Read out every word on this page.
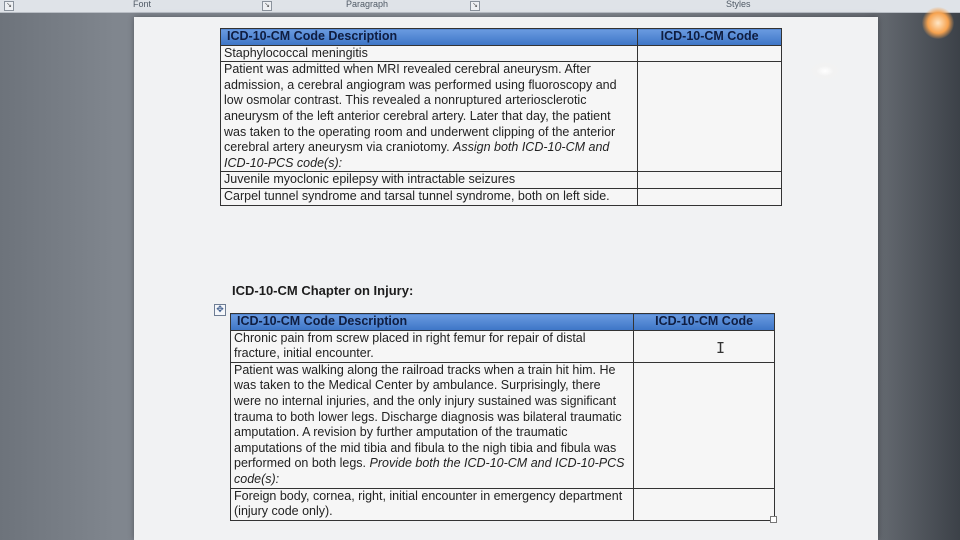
↘	Font	↘	Paragraph	↘	Styles
ICD-10-CM Code Description	ICD-10-CM Code
Staphylococcal meningitis	
Patient was admitted when MRI revealed cerebral aneurysm. After admission, a cerebral angiogram was performed using fluoroscopy and low osmolar contrast. This revealed a nonruptured arteriosclerotic aneurysm of the left anterior cerebral artery. Later that day, the patient was taken to the operating room and underwent clipping of the anterior cerebral artery aneurysm via craniotomy. Assign both ICD-10-CM and ICD-10-PCS code(s):	
Juvenile myoclonic epilepsy with intractable seizures	
Carpel tunnel syndrome and tarsal tunnel syndrome, both on left side.	
ICD-10-CM Chapter on Injury:
✥
ICD-10-CM Code Description	ICD-10-CM Code
Chronic pain from screw placed in right femur for repair of distal fracture, initial encounter.	
Patient was walking along the railroad tracks when a train hit him. He was taken to the Medical Center by ambulance. Surprisingly, there were no internal injuries, and the only injury sustained was significant trauma to both lower legs. Discharge diagnosis was bilateral traumatic amputation. A revision by further amputation of the traumatic amputations of the mid tibia and fibula to the nigh tibia and fibula was performed on both legs. Provide both the ICD-10-CM and ICD-10-PCS code(s):	
Foreign body, cornea, right, initial encounter in emergency department (injury code only).	
I
